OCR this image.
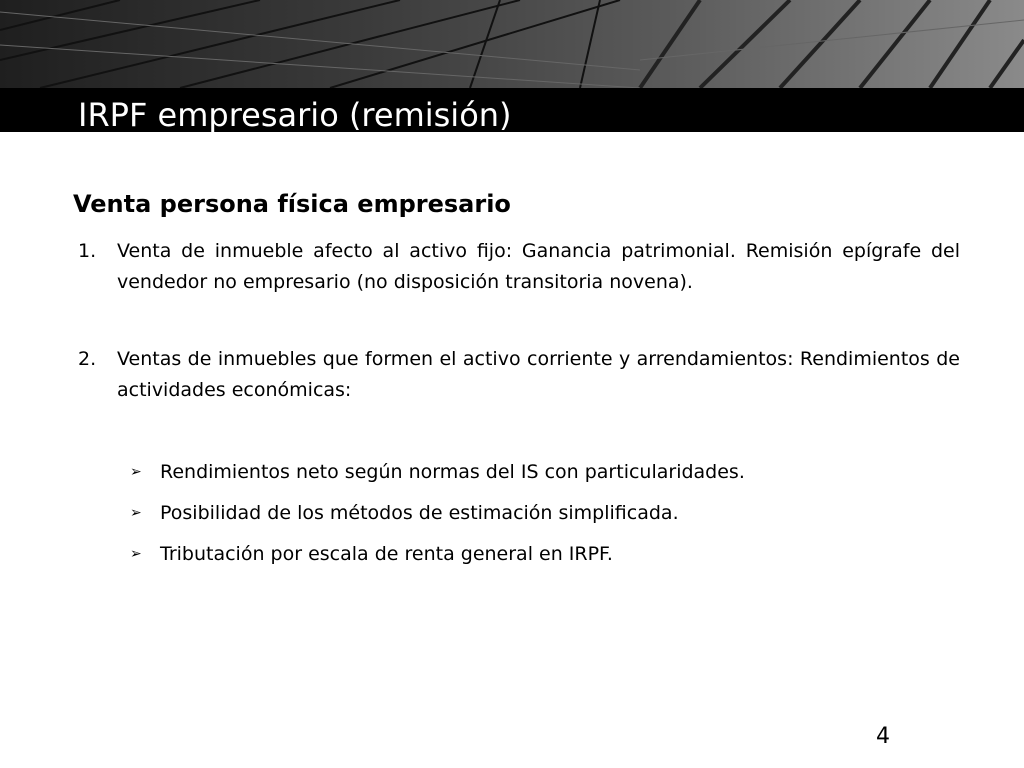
IRPF empresario (remisión)
Venta persona física empresario
1. Venta de inmueble afecto al activo fijo: Ganancia patrimonial. Remisión epígrafe del vendedor no empresario (no disposición transitoria novena).
2. Ventas de inmuebles que formen el activo corriente y arrendamientos: Rendimientos de actividades económicas:
➢ Rendimientos neto según normas del IS con particularidades.
➢ Posibilidad de los métodos de estimación simplificada.
➢ Tributación por escala de renta general en IRPF.
4
